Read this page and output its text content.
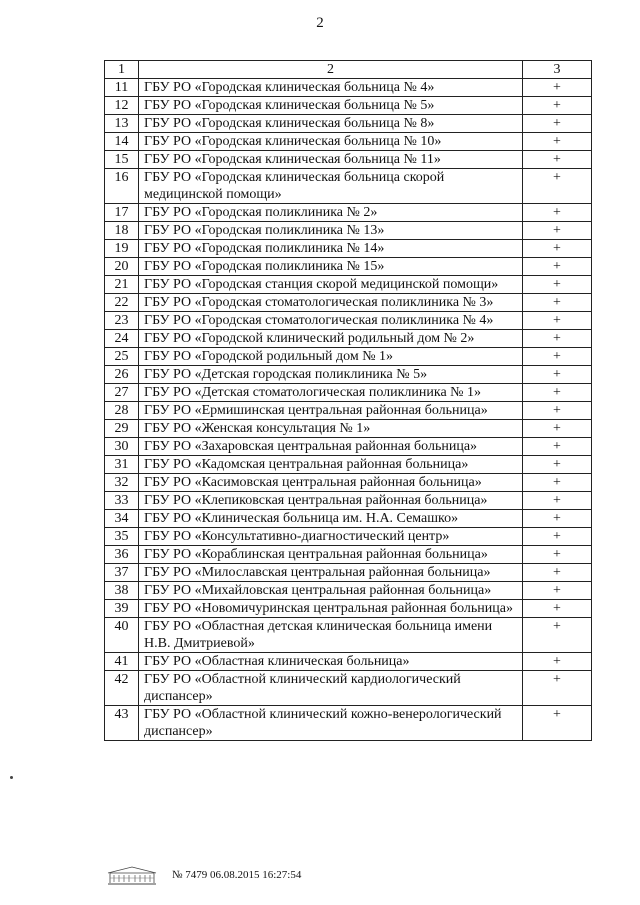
2
1	2	3
11	ГБУ РО «Городская клиническая больница № 4»	+
12	ГБУ РО «Городская клиническая больница № 5»	+
13	ГБУ РО «Городская клиническая больница № 8»	+
14	ГБУ РО «Городская клиническая больница № 10»	+
15	ГБУ РО «Городская клиническая больница № 11»	+
16	ГБУ РО «Городская клиническая больница скорой медицинской помощи»	+
17	ГБУ РО «Городская поликлиника № 2»	+
18	ГБУ РО «Городская поликлиника № 13»	+
19	ГБУ РО «Городская поликлиника № 14»	+
20	ГБУ РО «Городская поликлиника № 15»	+
21	ГБУ РО «Городская станция скорой медицинской помощи»	+
22	ГБУ РО «Городская стоматологическая поликлиника № 3»	+
23	ГБУ РО «Городская стоматологическая поликлиника № 4»	+
24	ГБУ РО «Городской клинический родильный дом № 2»	+
25	ГБУ РО «Городской родильный дом № 1»	+
26	ГБУ РО «Детская городская поликлиника № 5»	+
27	ГБУ РО «Детская стоматологическая поликлиника № 1»	+
28	ГБУ РО «Ермишинская центральная районная больница»	+
29	ГБУ РО «Женская консультация № 1»	+
30	ГБУ РО «Захаровская центральная районная больница»	+
31	ГБУ РО «Кадомская центральная районная больница»	+
32	ГБУ РО «Касимовская центральная районная больница»	+
33	ГБУ РО «Клепиковская центральная районная больница»	+
34	ГБУ РО «Клиническая больница им. Н.А. Семашко»	+
35	ГБУ РО «Консультативно-диагностический центр»	+
36	ГБУ РО «Кораблинская центральная районная больница»	+
37	ГБУ РО «Милославская центральная районная больница»	+
38	ГБУ РО «Михайловская центральная районная больница»	+
39	ГБУ РО «Новомичуринская центральная районная больница»	+
40	ГБУ РО «Областная детская клиническая больница имени Н.В. Дмитриевой»	+
41	ГБУ РО «Областная клиническая больница»	+
42	ГБУ РО «Областной клинический кардиологический диспансер»	+
43	ГБУ РО «Областной клинический кожно-венерологический диспансер»	+
№ 7479 06.08.2015 16:27:54
